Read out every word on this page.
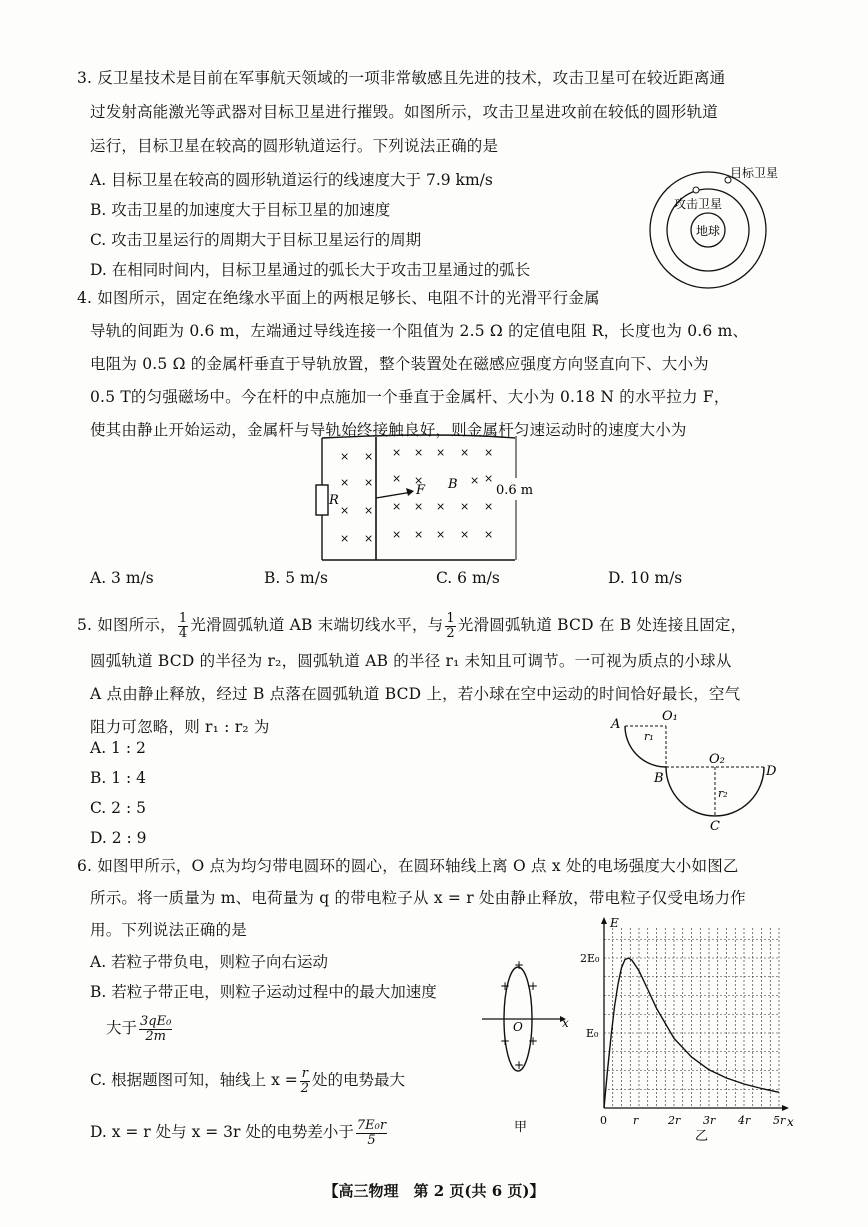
3. 反卫星技术是目前在军事航天领域的一项非常敏感且先进的技术，攻击卫星可在较近距离通
过发射高能激光等武器对目标卫星进行摧毁。如图所示，攻击卫星进攻前在较低的圆形轨道
运行，目标卫星在较高的圆形轨道运行。下列说法正确的是
A. 目标卫星在较高的圆形轨道运行的线速度大于 7.9 km/s
B. 攻击卫星的加速度大于目标卫星的加速度
C. 攻击卫星运行的周期大于目标卫星运行的周期
D. 在相同时间内，目标卫星通过的弧长大于攻击卫星通过的弧长
目标卫星
攻击卫星
地球
4. 如图所示，固定在绝缘水平面上的两根足够长、电阻不计的光滑平行金属
导轨的间距为 0.6 m，左端通过导线连接一个阻值为 2.5 Ω 的定值电阻 R，长度也为 0.6 m、
电阻为 0.5 Ω 的金属杆垂直于导轨放置，整个装置处在磁感应强度方向竖直向下、大小为
0.5 T的匀强磁场中。今在杆的中点施加一个垂直于金属杆、大小为 0.18 N 的水平拉力 F，
使其由静止开始运动，金属杆与导轨始终接触良好，则金属杆匀速运动时的速度大小为
R
F B	0.6 m
×
×
×
×
×
×
×
×
×
×
×
×
×
×
×
×
×
×
×
×
×
×
×
×
×
×	×
A. 3 m/s	B. 5 m/s	C. 6 m/s	D. 10 m/s
5. 如图所示， $\frac{1}{4}$ 光滑圆弧轨道 AB 末端切线水平，与 $\frac{1}{2}$ 光滑圆弧轨道 BCD 在 B 处连接且固定，
圆弧轨道 BCD 的半径为 r₂，圆弧轨道 AB 的半径 r₁ 未知且可调节。一可视为质点的小球从
A 点由静止释放，经过 B 点落在圆弧轨道 BCD 上，若小球在空中运动的时间恰好最长，空气
阻力可忽略，则 r₁ : r₂ 为
A. 1 : 2
B. 1 : 4
C. 2 : 5
D. 2 : 9
A
O₁
r₁
B
O₂
D
r₂
C
6. 如图甲所示，O 点为均匀带电圆环的圆心，在圆环轴线上离 O 点 x 处的电场强度大小如图乙
所示。将一质量为 m、电荷量为 q 的带电粒子从 x = r 处由静止释放，带电粒子仅受电场力作
用。下列说法正确的是
A. 若粒子带负电，则粒子向右运动
B. 若粒子带正电，则粒子运动过程中的最大加速度
大于 $\frac{\text{3qE₀}}{2m}$
C. 根据题图可知，轴线上 $x = \frac{r}{2}$ 处的电势最大
D. x = r 处与 x = 3r 处的电势差小于 $\frac{\text{7E₀r}}{5}$
x
O
+
+ +
+ +
+
甲
E
x
2E₀
E₀
0 r	2r 3r 4r 5r
乙
【高三物理　第 2 页(共 6 页)】
